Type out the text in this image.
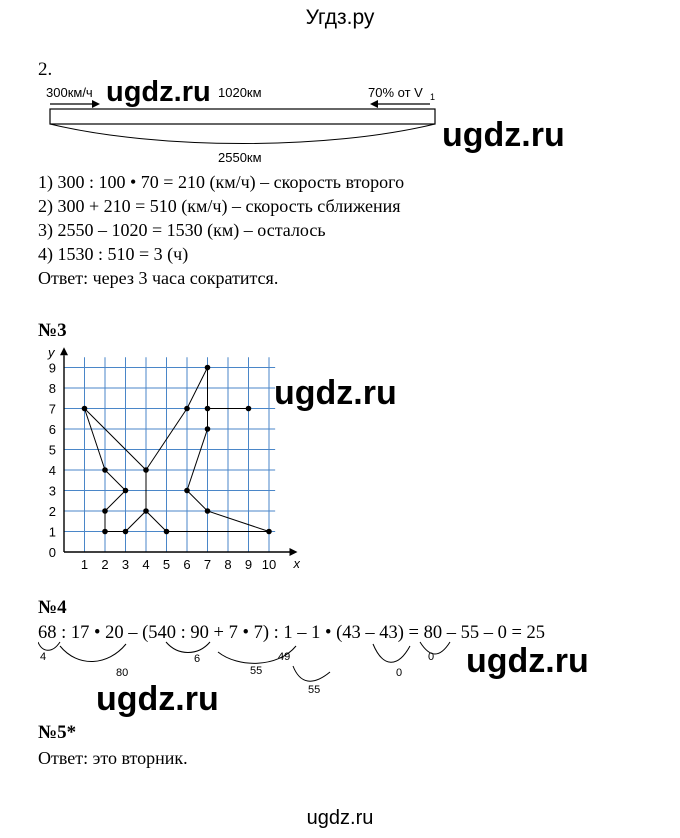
Угдз.ру
2.
300км/ч	1020км	70% от V 1
2550км
1) 300 : 100 • 70 = 210 (км/ч) – скорость второго
2) 300 + 210 = 510 (км/ч) – скорость сближения
3) 2550 – 1020 = 1530 (км) – осталось
4) 1530 : 510 = 3 (ч)
Ответ: через 3 часа сократится.
№3
1 2 3 4 5 6 7 8 9 10
1
2
3
4
5
6
7
8
9
0
x
y
№4
68 : 17 • 20 – (540 : 90 + 7 • 7) : 1 – 1 • (43 – 43) = 80 – 55 – 0 = 25
4
80
6	49
55
55
0
0
№5*
Ответ: это вторник.
ugdz.ru
ugdz.ru
ugdz.ru
ugdz.ru
ugdz.ru
ugdz.ru
